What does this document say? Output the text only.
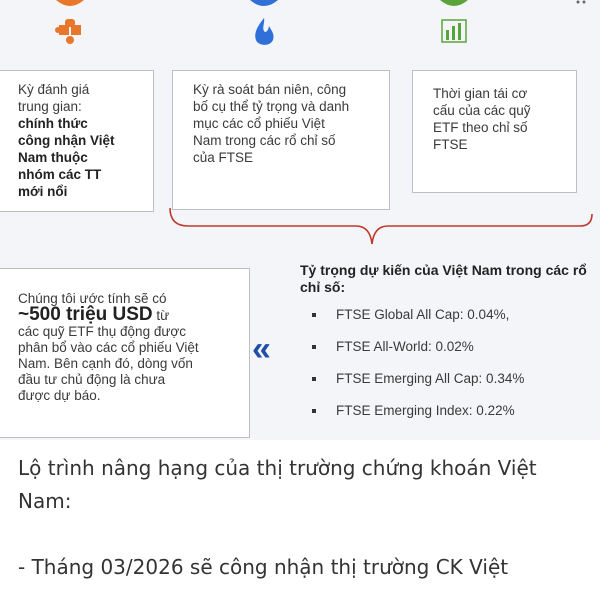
Kỳ đánh giá
trung gian:

chính thức
công nhận Việt
Nam thuộc
nhóm các TT
mới nổi

Kỳ rà soát bán niên, công
bố cụ thể tỷ trọng và danh
mục các cổ phiếu Việt
Nam trong các rổ chỉ số
của FTSE

Thời gian tái cơ
cấu của các quỹ
ETF theo chỉ số
FTSE

Chúng tôi ước tính sẽ có
~500 triệu USD từ
các quỹ ETF thụ động được
phân bổ vào các cổ phiếu Việt
Nam. Bên cạnh đó, dòng vốn
đầu tư chủ động là chưa
được dự báo.
«

Tỷ trọng dự kiến của Việt Nam trong các rổ chỉ số:

FTSE Global All Cap: 0.04%,
FTSE All-World: 0.02%
FTSE Emerging All Cap: 0.34%
FTSE Emerging Index: 0.22%

Lộ trình nâng hạng của thị trường chứng khoán Việt

Nam:

- Tháng 03/2026 sẽ công nhận thị trường CK Việt
